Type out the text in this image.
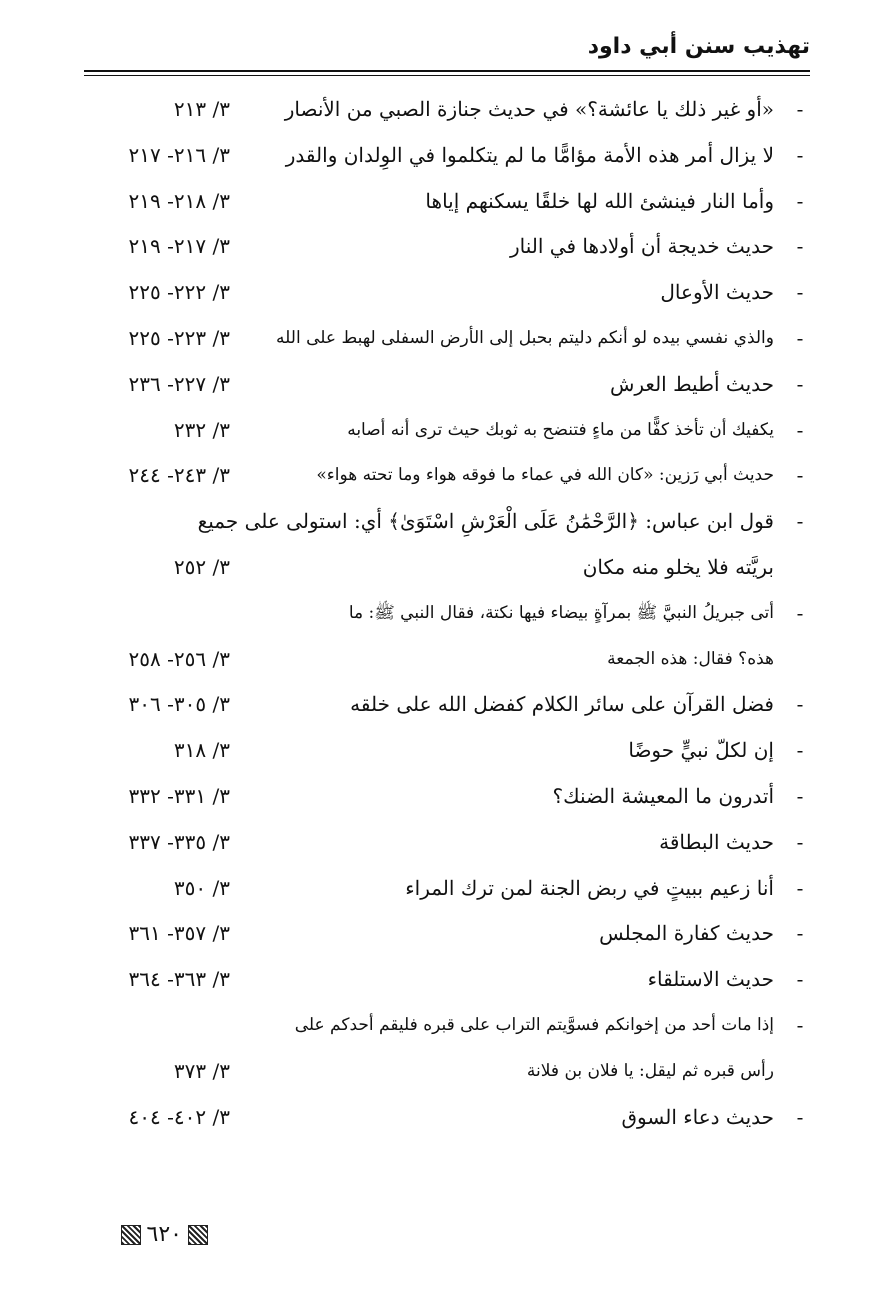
تهذيب سنن أبي داود
-
«أو غير ذلك يا عائشة؟» في حديث جنازة الصبي من الأنصار
٣/ ٢١٣
-
لا يزال أمر هذه الأمة مؤامًّا ما لم يتكلموا في الوِلدان والقدر
٣/ ٢١٦- ٢١٧
-
وأما النار فينشئ الله لها خلقًا يسكنهم إياها
٣/ ٢١٨- ٢١٩
-
حديث خديجة أن أولادها في النار
٣/ ٢١٧- ٢١٩
-
حديث الأوعال
٣/ ٢٢٢- ٢٢٥
-
والذي نفسي بيده لو أنكم دليتم بحبل إلى الأرض السفلى لهبط على الله
٣/ ٢٢٣- ٢٢٥
-
حديث أطيط العرش
٣/ ٢٢٧- ٢٣٦
-
يكفيك أن تأخذ كفًّا من ماءٍ فتنضح به ثوبك حيث ترى أنه أصابه
٣/ ٢٣٢
-
حديث أبي رَزين: «كان الله في عماء ما فوقه هواء وما تحته هواء»
٣/ ٢٤٣- ٢٤٤
-
قول ابن عباس: ﴿الرَّحْمَٰنُ عَلَى الْعَرْشِ اسْتَوَىٰ﴾ أي: استولى على جميع
بريَّته فلا يخلو منه مكان
٣/ ٢٥٢
-
أتى جبريلُ النبيَّ ﷺ بمرآةٍ بيضاء فيها نكتة، فقال النبي ﷺ: ما
هذه؟ فقال: هذه الجمعة
٣/ ٢٥٦- ٢٥٨
-
فضل القرآن على سائر الكلام كفضل الله على خلقه
٣/ ٣٠٥- ٣٠٦
-
إن لكلّ نبيٍّ حوضًا
٣/ ٣١٨
-
أتدرون ما المعيشة الضنك؟
٣/ ٣٣١- ٣٣٢
-
حديث البطاقة
٣/ ٣٣٥- ٣٣٧
-
أنا زعيم ببيتٍ في ربض الجنة لمن ترك المراء
٣/ ٣٥٠
-
حديث كفارة المجلس
٣/ ٣٥٧- ٣٦١
-
حديث الاستلقاء
٣/ ٣٦٣- ٣٦٤
-
إذا مات أحد من إخوانكم فسوَّيتم التراب على قبره فليقم أحدكم على
رأس قبره ثم ليقل: يا فلان بن فلانة
٣/ ٣٧٣
-
حديث دعاء السوق
٣/ ٤٠٢- ٤٠٤
٦٢٠
